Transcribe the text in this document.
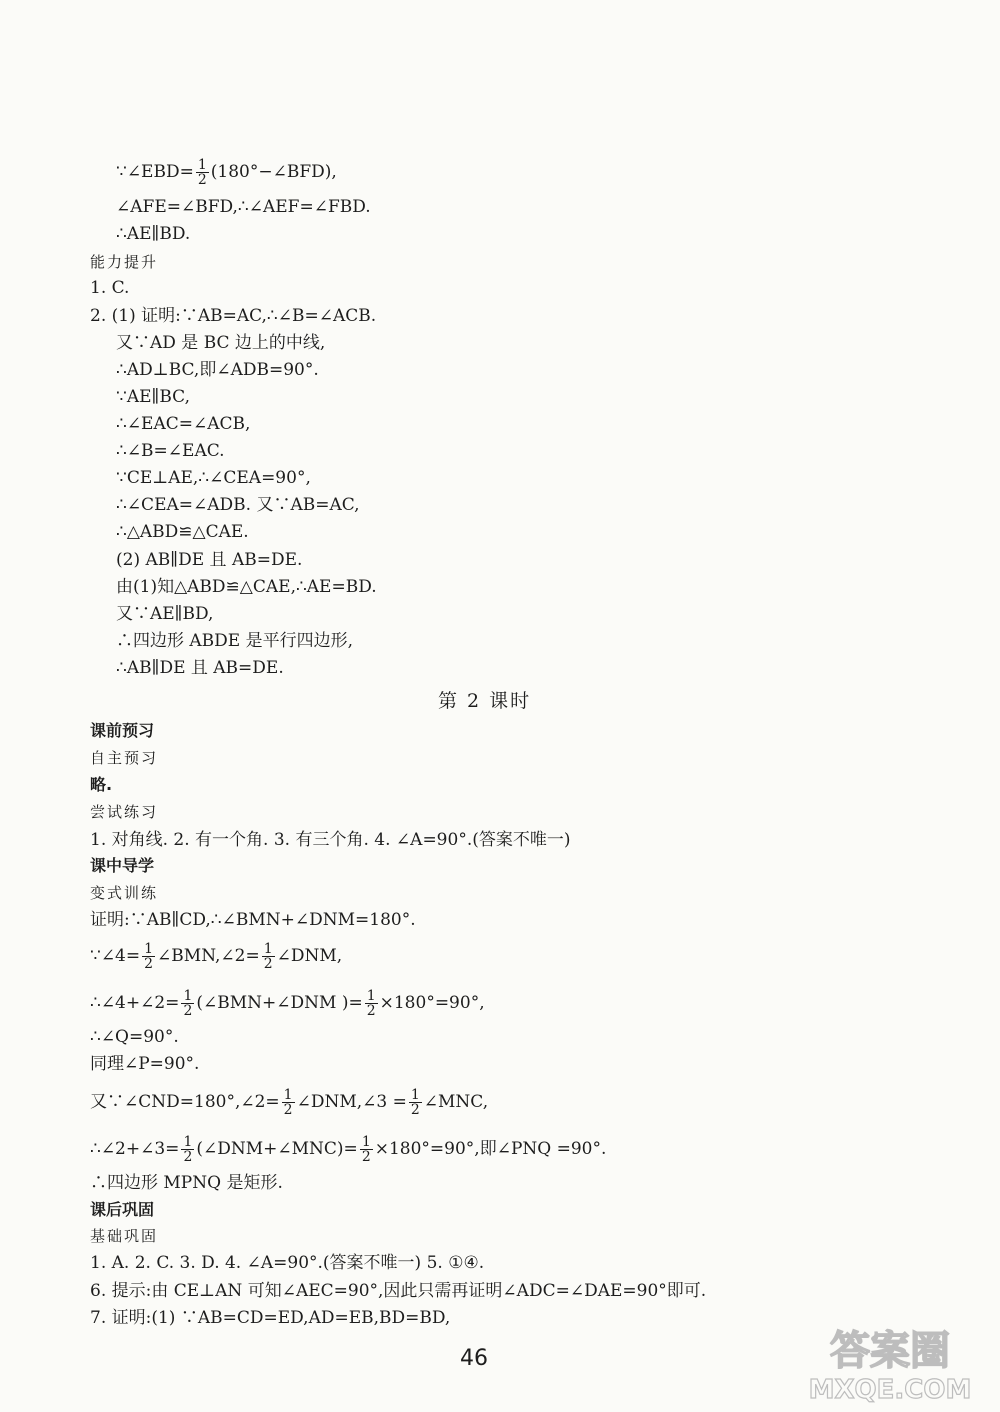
∵∠EBD= $\frac{1}{2}$ (180°−∠BFD),
∠AFE=∠BFD,∴∠AEF=∠FBD.
∴AE∥BD.
能力提升
1. C.
2. (1) 证明:∵AB=AC,∴∠B=∠ACB.
又∵AD 是 BC 边上的中线,
∴AD⊥BC,即∠ADB=90°.
∵AE∥BC,
∴∠EAC=∠ACB,
∴∠B=∠EAC.
∵CE⊥AE,∴∠CEA=90°,
∴∠CEA=∠ADB. 又∵AB=AC,
∴△ABD≌△CAE.
(2) AB∥DE 且 AB=DE.
由(1)知△ABD≌△CAE,∴AE=BD.
又∵AE∥BD,
∴四边形 ABDE 是平行四边形,
∴AB∥DE 且 AB=DE.
第 2 课时
课前预习
自主预习
略.
尝试练习
1. 对角线. 2. 有一个角. 3. 有三个角. 4. ∠A=90°.(答案不唯一)
课中导学
变式训练
证明:∵AB∥CD,∴∠BMN+∠DNM=180°.
∵∠4= $\frac{1}{2}$ ∠BMN,∠2= $\frac{1}{2}$ ∠DNM,
∴∠4+∠2= $\frac{1}{2}$ (∠BMN+∠DNM )= $\frac{1}{2} \times 180^\circ=90^\circ$,
∴∠Q=90°.
同理∠P=90°.
又∵∠CND=180°,∠2= $\frac{1}{2}$ ∠DNM,∠3 = $\frac{1}{2}$ ∠MNC,
∴∠2+∠3= $\frac{1}{2}$ (∠DNM+∠MNC)= $\frac{1}{2} \times 180^\circ=90^\circ$,即∠PNQ =90°.
∴四边形 MPNQ 是矩形.
课后巩固
基础巩固
1. A. 2. C. 3. D. 4. ∠A=90°.(答案不唯一) 5. ①④.
6. 提示:由 CE⊥AN 可知∠AEC=90°,因此只需再证明∠ADC=∠DAE=90°即可.
7. 证明:(1) ∵AB=CD=ED,AD=EB,BD=BD,
46	答案圈
MXQE.COM
